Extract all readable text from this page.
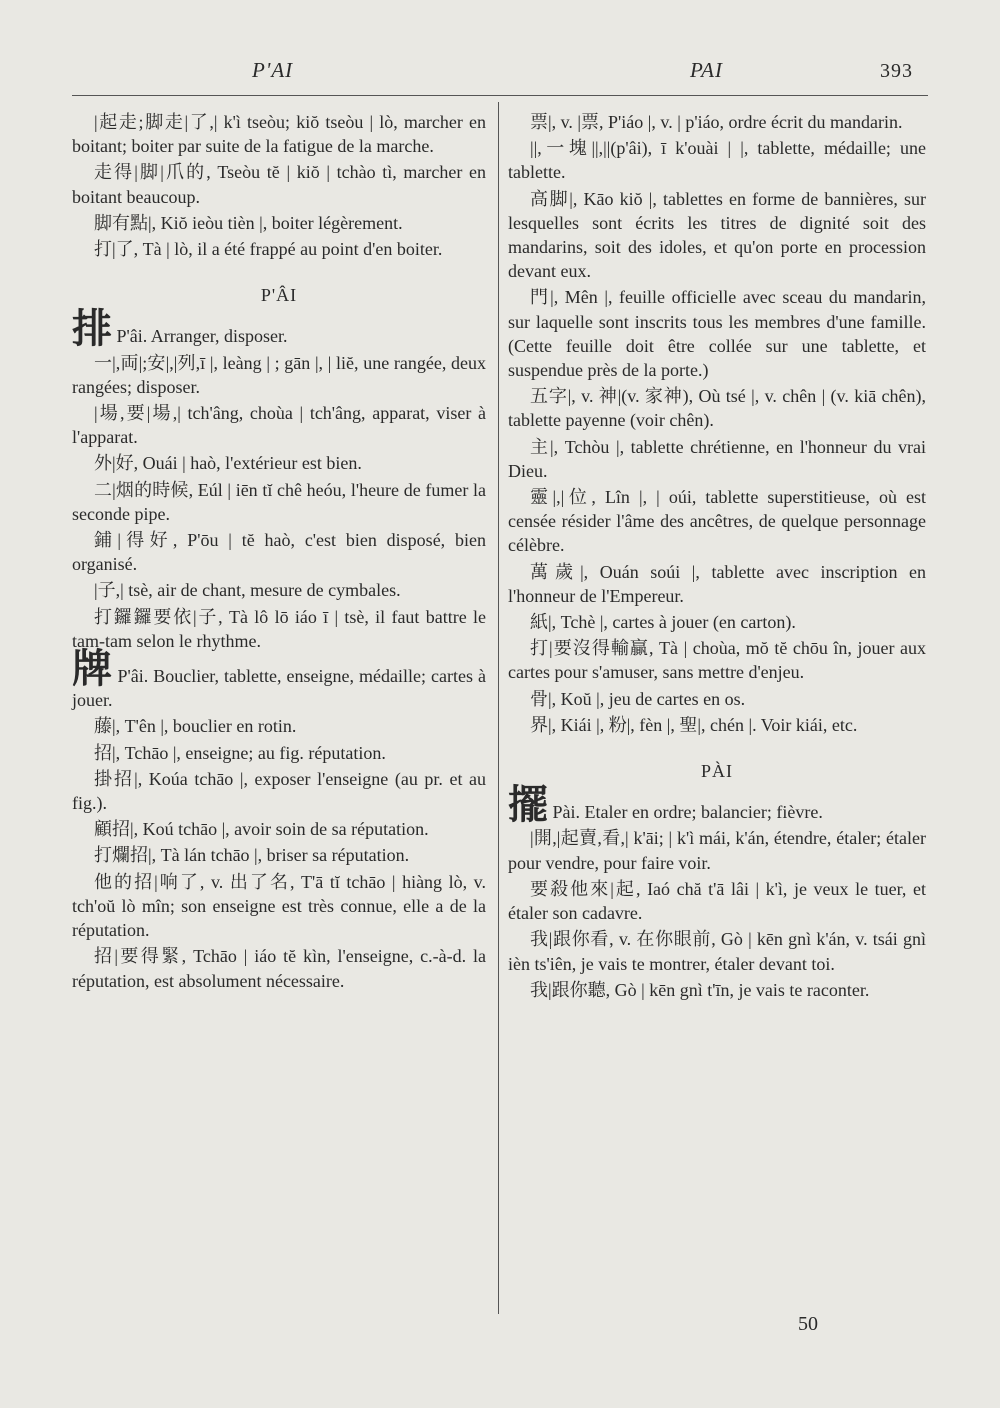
P'AI	PAI	393

|起走;脚走|了,| k'ì tseòu; kiŏ tseòu | lò, marcher en boitant; boiter par suite de la fatigue de la marche.

走得|脚|爪的, Tseòu tĕ | kiŏ | tchào tì, marcher en boitant beaucoup.

脚有點|, Kiŏ ieòu tièn |, boiter légèrement.

打|了, Tà | lò, il a été frappé au point d'en boiter.

P'ÂI

排 P'âi. Arranger, disposer.

一|,両|;安|,|列,ī |, leàng | ; gān |, | liĕ, une rangée, deux rangées; disposer.

|場,要|場,| tch'âng, choùa | tch'âng, apparat, viser à l'apparat.

外|好, Ouái | haò, l'extérieur est bien.

二|烟的時候, Eúl | iēn tĭ chê heóu, l'heure de fumer la seconde pipe.

鋪|得好, P'ōu | tĕ haò, c'est bien disposé, bien organisé.

|子,| tsè, air de chant, mesure de cymbales.

打鑼鑼要依|子, Tà lô lō iáo ī | tsè, il faut battre le tam-tam selon le rhythme.

牌 P'âi. Bouclier, tablette, enseigne, médaille; cartes à jouer.

藤|, T'ên |, bouclier en rotin.

招|, Tchāo |, enseigne; au fig. réputation.

掛招|, Koúa tchāo |, exposer l'enseigne (au pr. et au fig.).

顧招|, Koú tchāo |, avoir soin de sa réputation.

打爛招|, Tà lán tchāo |, briser sa réputation.

他的招|响了, v. 出了名, T'ā tĭ tchāo | hiàng lò, v. tch'oŭ lò mîn; son enseigne est très connue, elle a de la réputation.

招|要得緊, Tchāo | iáo tĕ kìn, l'enseigne, c.-à-d. la réputation, est absolument nécessaire.

票|, v. |票, P'iáo |, v. | p'iáo, ordre écrit du mandarin.

||,一塊||,||(p'âi), ī k'ouài | |, tablette, médaille; une tablette.

高脚|, Kāo kiŏ |, tablettes en forme de bannières, sur lesquelles sont écrits les titres de dignité soit des mandarins, soit des idoles, et qu'on porte en procession devant eux.

門|, Mên |, feuille officielle avec sceau du mandarin, sur laquelle sont inscrits tous les membres d'une famille. (Cette feuille doit être collée sur une tablette, et suspendue près de la porte.)

五字|, v. 神|(v. 家神), Où tsé |, v. chên | (v. kiā chên), tablette payenne (voir chên).

主|, Tchòu |, tablette chrétienne, en l'honneur du vrai Dieu.

靈|,|位, Lîn |, | oúi, tablette superstitieuse, où est censée résider l'âme des ancêtres, de quelque personnage célèbre.

萬歲|, Ouán soúi |, tablette avec inscription en l'honneur de l'Empereur.

紙|, Tchè |, cartes à jouer (en carton).

打|要沒得輸贏, Tà | choùa, mŏ tĕ chōu în, jouer aux cartes pour s'amuser, sans mettre d'enjeu.

骨|, Koŭ |, jeu de cartes en os.

界|, Kiái |, 粉|, fèn |, 聖|, chén |. Voir kiái, etc.

PÀI

擺 Pài. Etaler en ordre; balancier; fièvre.

|開,|起賣,看,| k'āi; | k'ì mái, k'án, étendre, étaler; étaler pour vendre, pour faire voir.

要殺他來|起, Iaó chă t'ā lâi | k'ì, je veux le tuer, et étaler son cadavre.

我|跟你看, v. 在你眼前, Gò | kēn gnì k'án, v. tsái gnì ièn ts'iên, je vais te montrer, étaler devant toi.

我|跟你聽, Gò | kēn gnì t'īn, je vais te raconter.

50
